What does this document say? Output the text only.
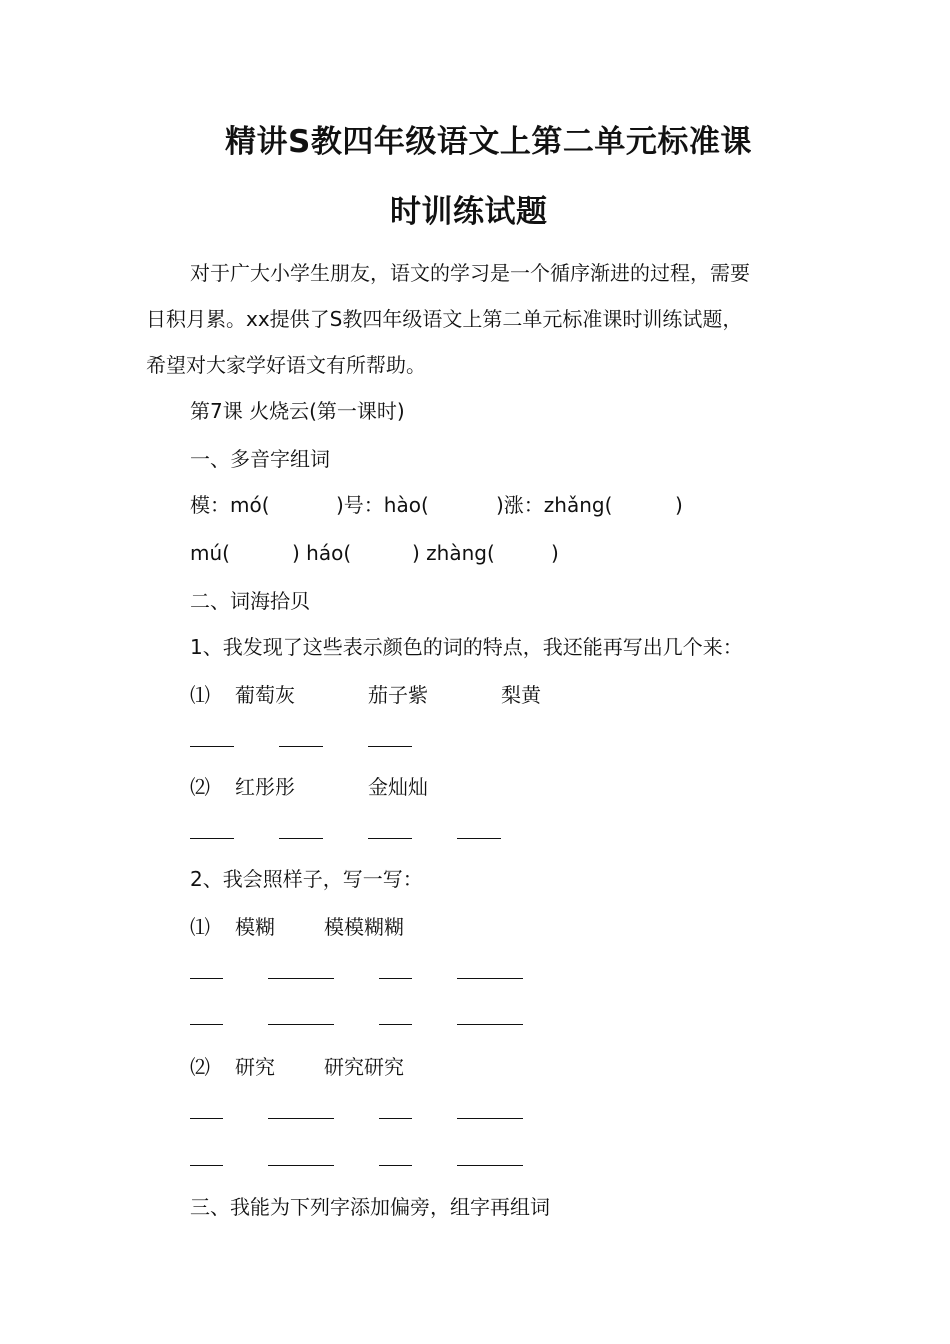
精讲S教四年级语文上第二单元标准课
时训练试题
对于广大小学生朋友，语文的学习是一个循序渐进的过程，需要
日积月累。xx提供了S教四年级语文上第二单元标准课时训练试题，
希望对大家学好语文有所帮助。
第7课 火烧云(第一课时)
一、多音字组词
模：mó(	)号：hào(	)涨：zhǎng(	)
mú(	) háo(	) zhàng(	)
二、词海拾贝
1、我发现了这些表示颜色的词的特点，我还能再写出几个来：
⑴ 葡萄灰	茄子紫	梨黄
⑵ 红彤彤	金灿灿
2、我会照样子，写一写：
⑴ 模糊 模模糊糊
⑵ 研究 研究研究
三、我能为下列字添加偏旁，组字再组词
